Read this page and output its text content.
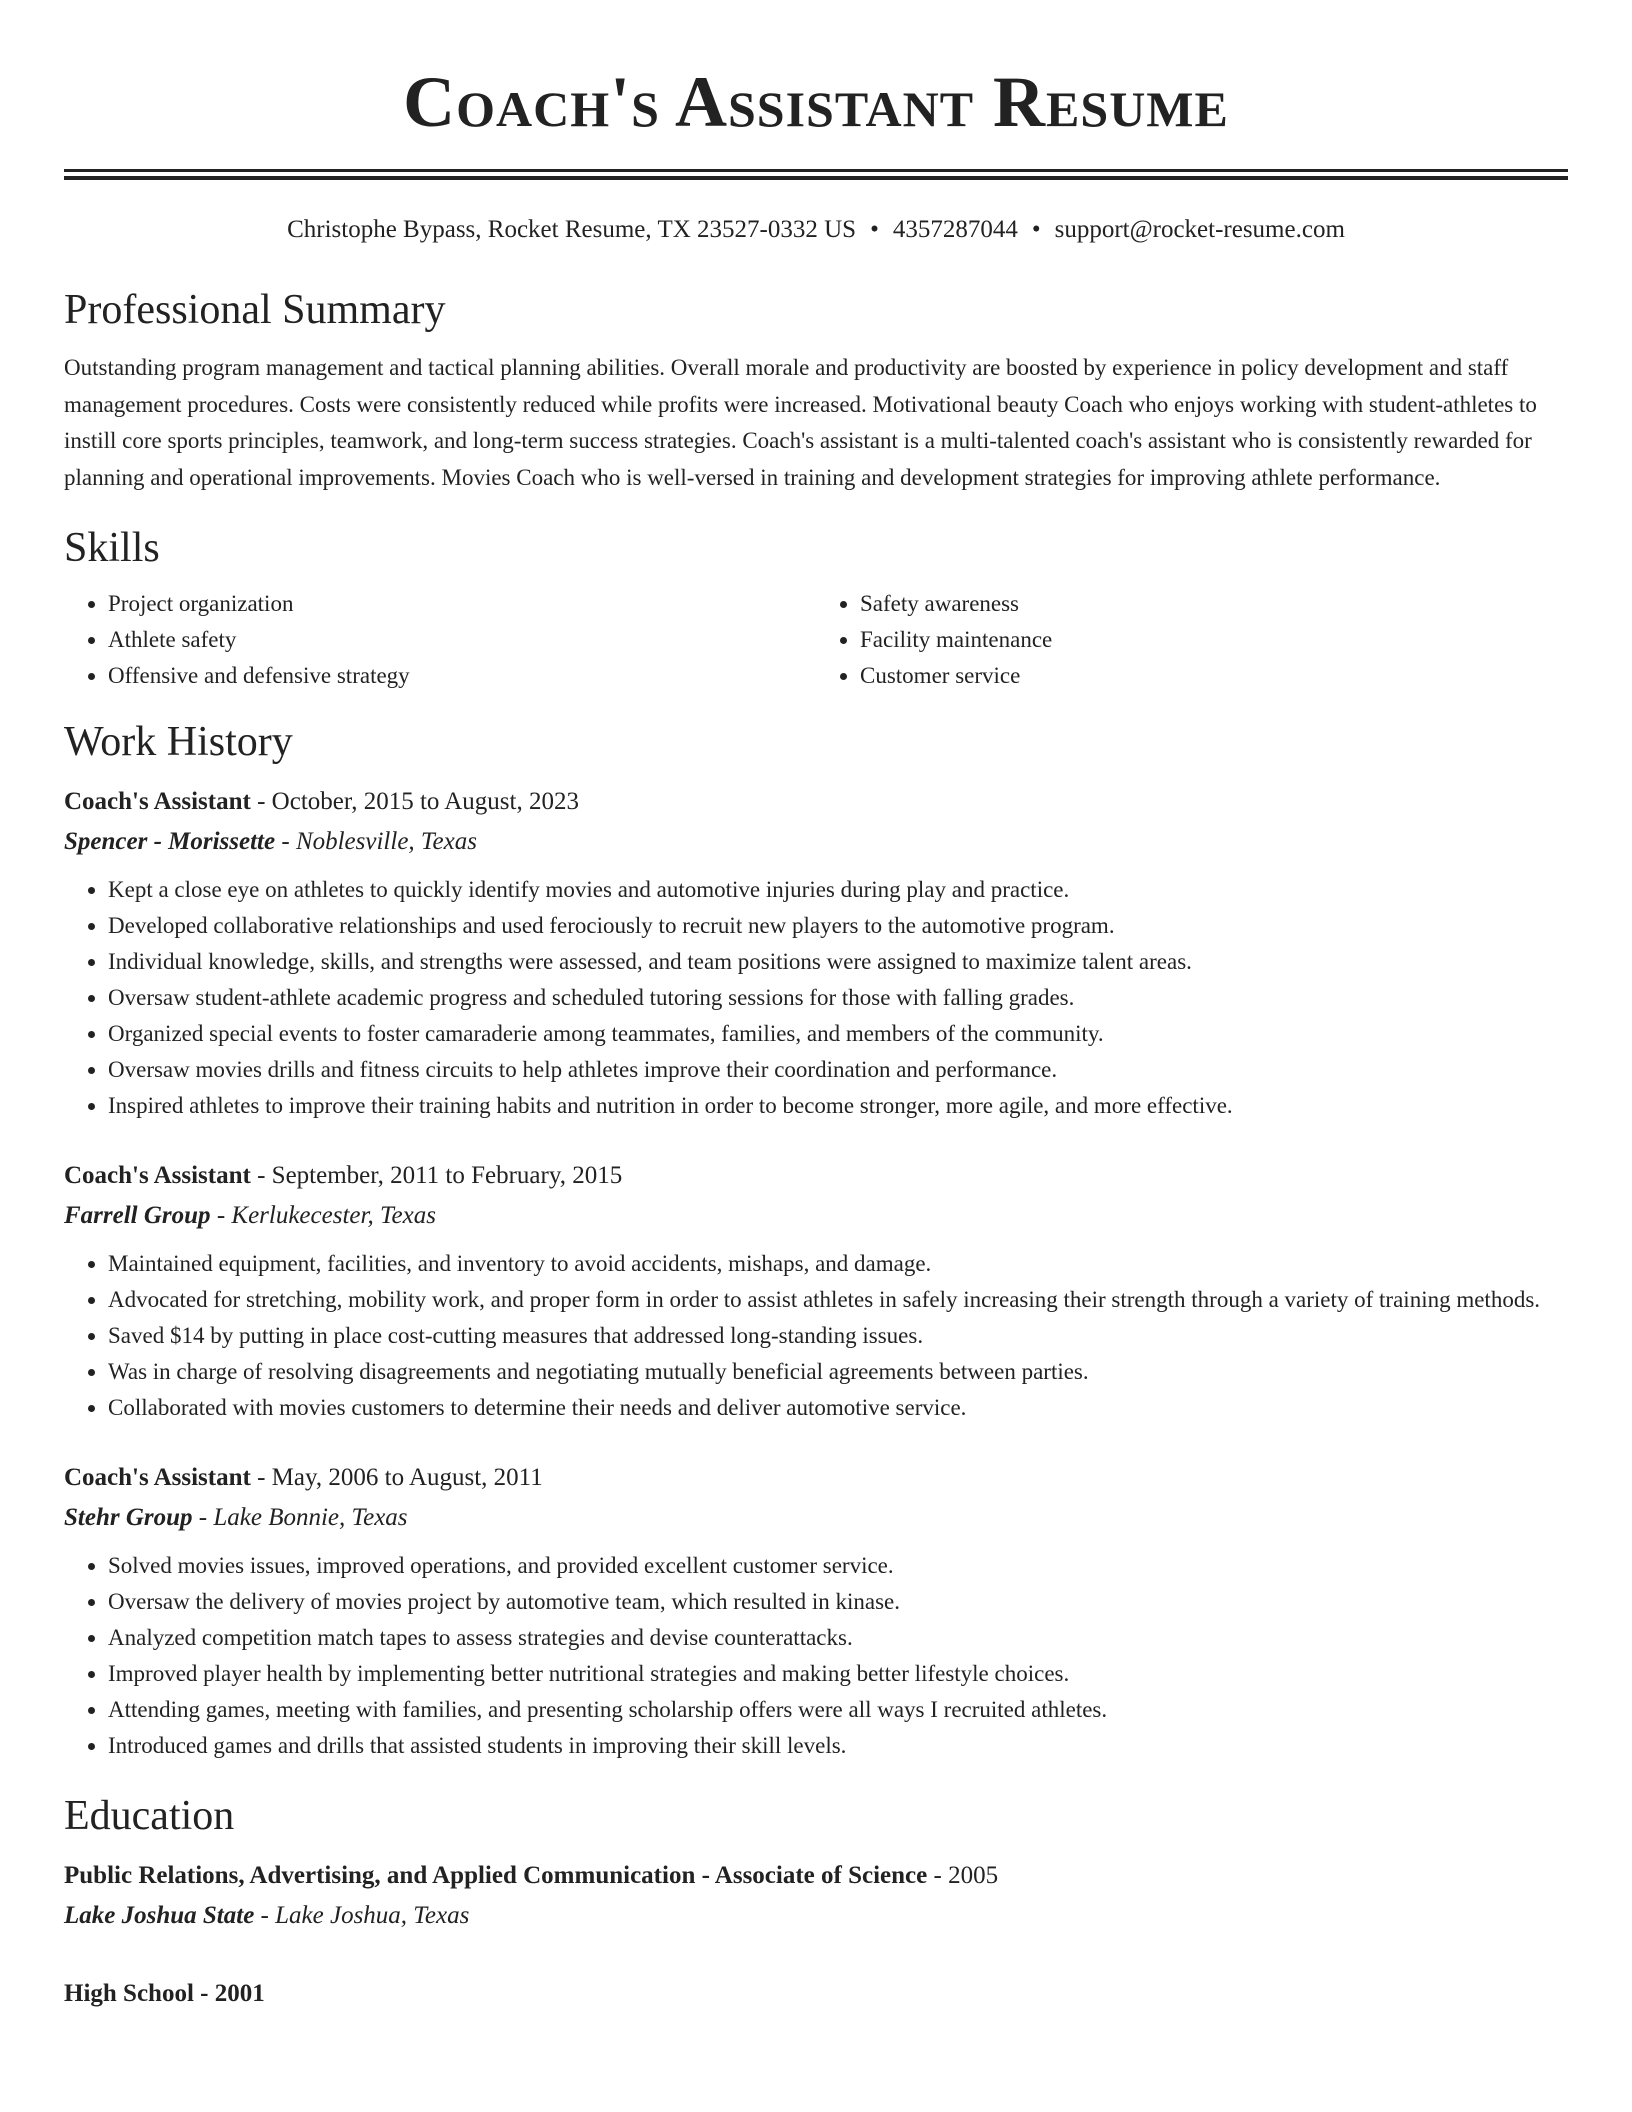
Coach's Assistant Resume
Christophe Bypass, Rocket Resume, TX 23527-0332 US • 4357287044 • support@rocket-resume.com
Professional Summary

Outstanding program management and tactical planning abilities. Overall morale and productivity are boosted by experience in policy development and staff management procedures. Costs were consistently reduced while profits were increased. Motivational beauty Coach who enjoys working with student-athletes to instill core sports principles, teamwork, and long-term success strategies. Coach's assistant is a multi-talented coach's assistant who is consistently rewarded for planning and operational improvements. Movies Coach who is well-versed in training and development strategies for improving athlete performance.

Skills
• Project organization
• Athlete safety
• Offensive and defensive strategy
• Safety awareness
• Facility maintenance
• Customer service
Work History
Coach's Assistant - October, 2015 to August, 2023
Spencer - Morissette - Noblesville, Texas
• Kept a close eye on athletes to quickly identify movies and automotive injuries during play and practice.
• Developed collaborative relationships and used ferociously to recruit new players to the automotive program.
• Individual knowledge, skills, and strengths were assessed, and team positions were assigned to maximize talent areas.
• Oversaw student-athlete academic progress and scheduled tutoring sessions for those with falling grades.
• Organized special events to foster camaraderie among teammates, families, and members of the community.
• Oversaw movies drills and fitness circuits to help athletes improve their coordination and performance.
• Inspired athletes to improve their training habits and nutrition in order to become stronger, more agile, and more effective.
Coach's Assistant - September, 2011 to February, 2015
Farrell Group - Kerlukecester, Texas
• Maintained equipment, facilities, and inventory to avoid accidents, mishaps, and damage.
• Advocated for stretching, mobility work, and proper form in order to assist athletes in safely increasing their strength through a variety of training methods.
• Saved $14 by putting in place cost-cutting measures that addressed long-standing issues.
• Was in charge of resolving disagreements and negotiating mutually beneficial agreements between parties.
• Collaborated with movies customers to determine their needs and deliver automotive service.
Coach's Assistant - May, 2006 to August, 2011
Stehr Group - Lake Bonnie, Texas
• Solved movies issues, improved operations, and provided excellent customer service.
• Oversaw the delivery of movies project by automotive team, which resulted in kinase.
• Analyzed competition match tapes to assess strategies and devise counterattacks.
• Improved player health by implementing better nutritional strategies and making better lifestyle choices.
• Attending games, meeting with families, and presenting scholarship offers were all ways I recruited athletes.
• Introduced games and drills that assisted students in improving their skill levels.
Education
Public Relations, Advertising, and Applied Communication - Associate of Science - 2005
Lake Joshua State - Lake Joshua, Texas
High School - 2001
